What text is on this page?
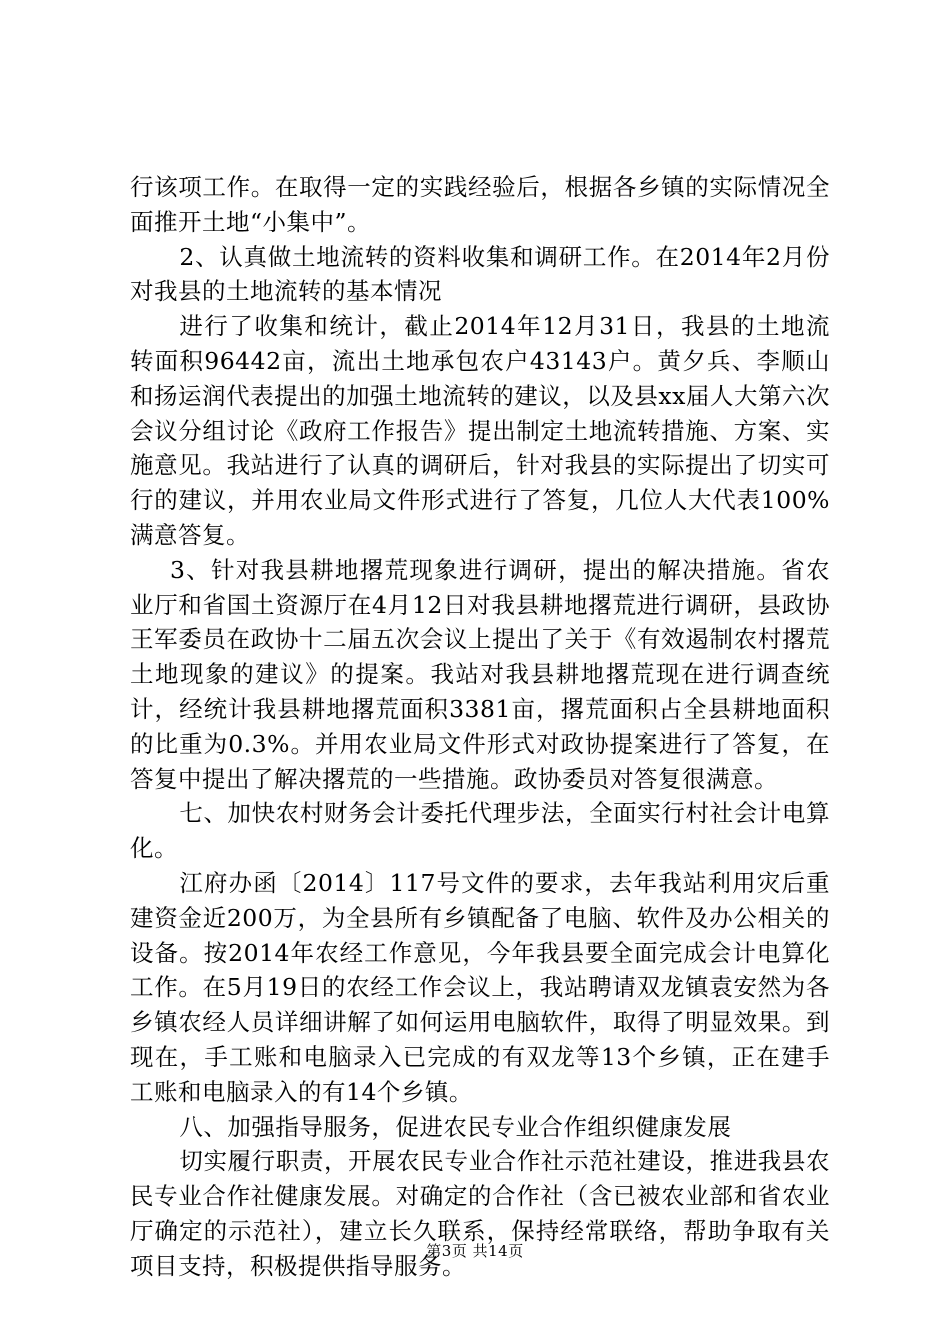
行该项工作。在取得一定的实践经验后，根据各乡镇的实际情况全面推开土地“小集中”。

2、认真做土地流转的资料收集和调研工作。在2014年2月份对我县的土地流转的基本情况

进行了收集和统计，截止2014年12月31日，我县的土地流转面积96442亩，流出土地承包农户43143户。黄夕兵、李顺山和扬运润代表提出的加强土地流转的建议，以及县xx届人大第六次会议分组讨论《政府工作报告》提出制定土地流转措施、方案、实施意见。我站进行了认真的调研后，针对我县的实际提出了切实可行的建议，并用农业局文件形式进行了答复，几位人大代表100%满意答复。

3、针对我县耕地撂荒现象进行调研，提出的解决措施。省农业厅和省国土资源厅在4月12日对我县耕地撂荒进行调研，县政协王军委员在政协十二届五次会议上提出了关于《有效遏制农村撂荒土地现象的建议》的提案。我站对我县耕地撂荒现在进行调查统计，经统计我县耕地撂荒面积3381亩，撂荒面积占全县耕地面积的比重为0.3%。并用农业局文件形式对政协提案进行了答复，在答复中提出了解决撂荒的一些措施。政协委员对答复很满意。

七、加快农村财务会计委托代理步法，全面实行村社会计电算化。

江府办函〔2014〕117号文件的要求，去年我站利用灾后重建资金近200万，为全县所有乡镇配备了电脑、软件及办公相关的设备。按2014年农经工作意见，今年我县要全面完成会计电算化工作。在5月19日的农经工作会议上，我站聘请双龙镇袁安然为各乡镇农经人员详细讲解了如何运用电脑软件，取得了明显效果。到现在，手工账和电脑录入已完成的有双龙等13个乡镇，正在建手工账和电脑录入的有14个乡镇。

八、加强指导服务，促进农民专业合作组织健康发展

切实履行职责，开展农民专业合作社示范社建设，推进我县农民专业合作社健康发展。对确定的合作社（含已被农业部和省农业厅确定的示范社），建立长久联系，保持经常联络，帮助争取有关项目支持，积极提供指导服务。

第3页 共14页
